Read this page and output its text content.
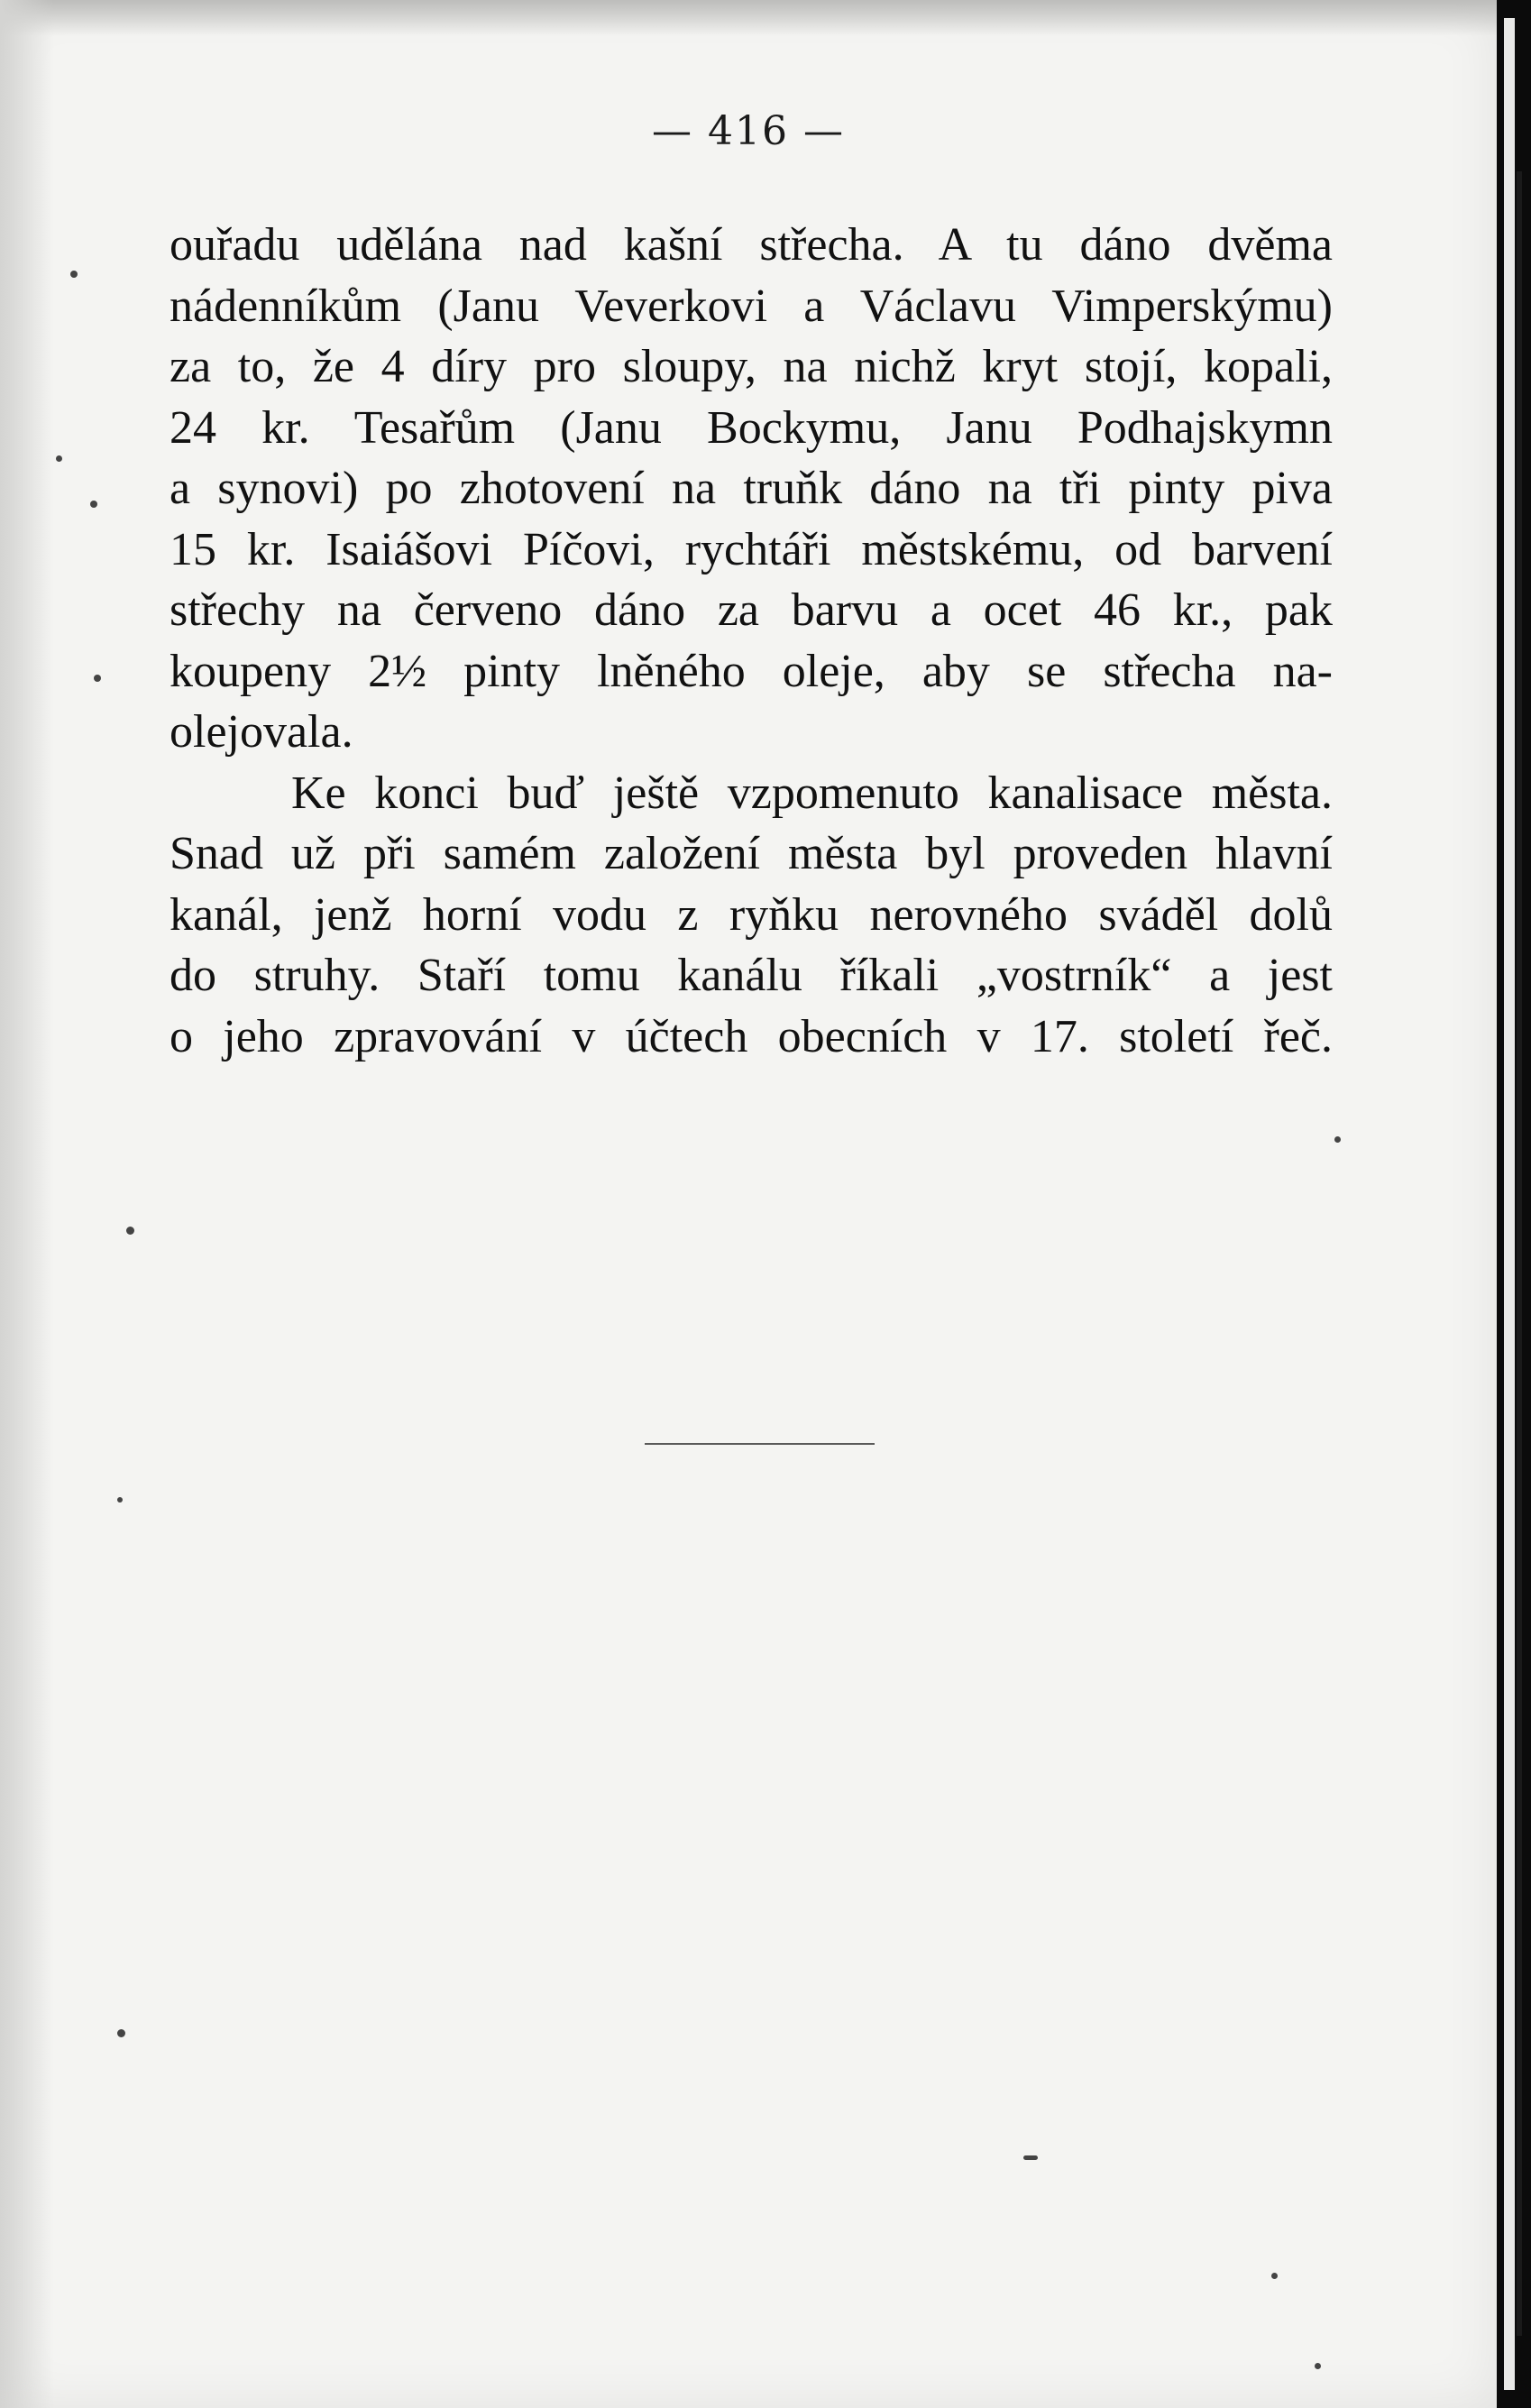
— 416 —
ouřadu udělána nad kašní střecha. A tu dáno dvěma
nádenníkům (Janu Veverkovi a Václavu Vimperskýmu)
za to, že 4 díry pro sloupy, na nichž kryt stojí, kopali,
24 kr. Tesařům (Janu Bockymu, Janu Podhajskymn
a synovi) po zhotovení na truňk dáno na tři pinty piva
15 kr. Isaiášovi Píčovi, rychtáři městskému, od barvení
střechy na červeno dáno za barvu a ocet 46 kr., pak
koupeny 2½ pinty lněného oleje, aby se střecha na-
olejovala.
Ke konci buď ještě vzpomenuto kanalisace města.
Snad už při samém založení města byl proveden hlavní
kanál, jenž horní vodu z ryňku nerovného sváděl dolů
do struhy. Staří tomu kanálu říkali „vostrník“ a jest
o jeho zpravování v účtech obecních v 17. století řeč.
